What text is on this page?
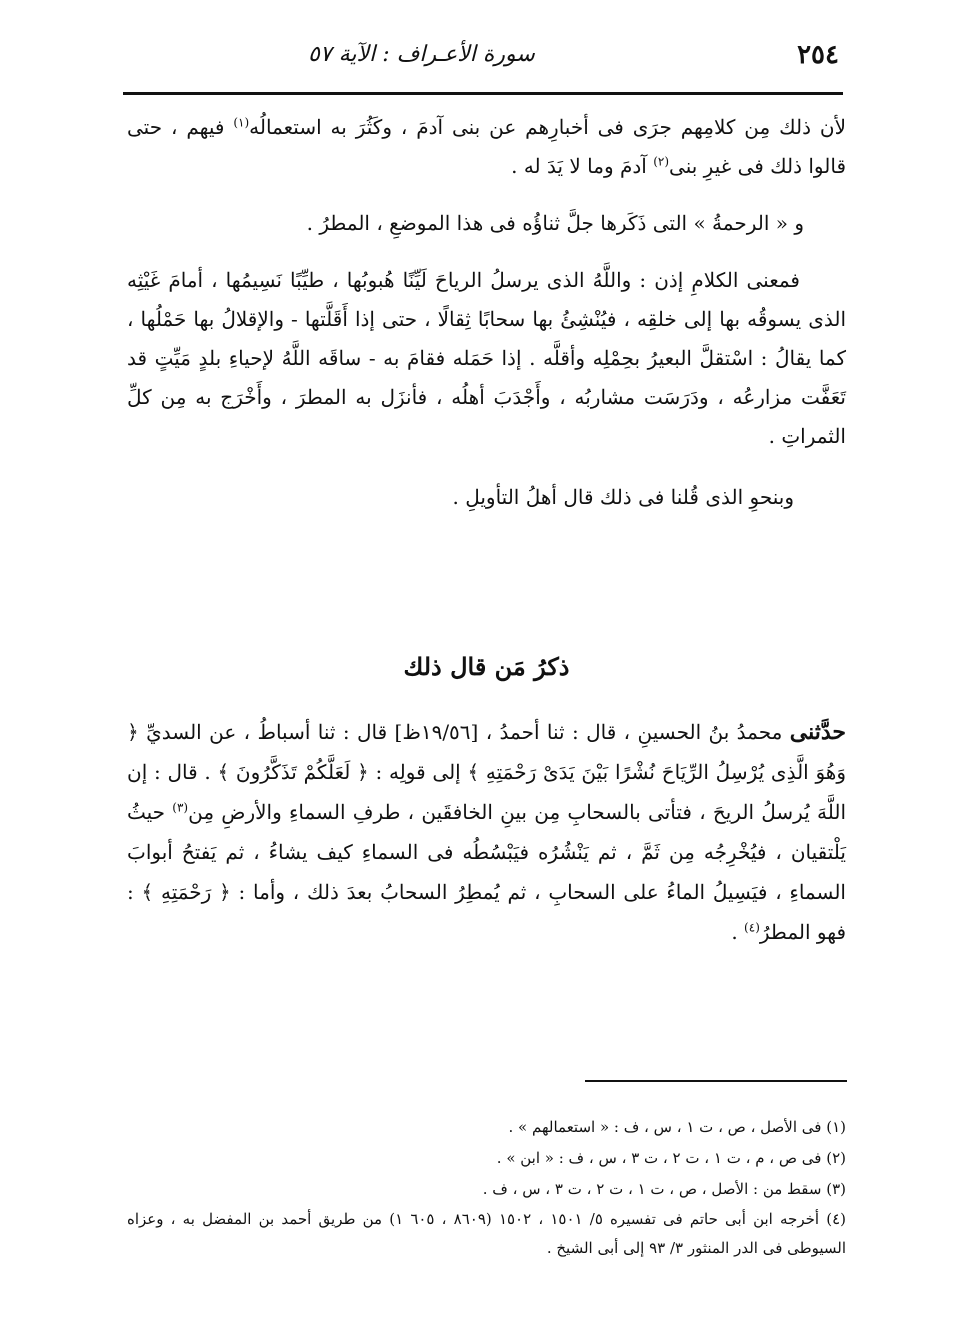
٢٥٤
سورة الأعـراف : الآية ٥٧

لأن ذلك مِن كلامِهم جرَى فى أخبارِهم عن بنى آدمَ ، وكَثُرَ به استعمالُه$^{(١)}$ فيهم ، حتى قالوا ذلك فى غيرِ بنى$^{(٢)}$ آدمَ وما لا يَدَ له .

و « الرحمةُ » التى ذَكَرها جلَّ ثناؤُه فى هذا الموضعِ ، المطرُ .

فمعنى الكلامِ إذن : واللَّهُ الذى يرسلُ الرياحَ لَيِّنًا هُبوبُها ، طيِّبًا نَسِيمُها ، أمامَ غَيْثِه الذى يسوقُه بها إلى خلقِه ، فيُنْشِئُ بها سحابًا ثِقالًا ، حتى إذا أَقَلَّتها - والإقلالُ بها حَمْلُها ، كما يقالُ : اسْتقلَّ البعيرُ بحِمْلِه وأقلَّه . إذا حَمَله فقامَ به - ساقَه اللَّهُ لإحياءِ بلدٍ مَيِّتٍ قد تَعَفَّت مزارعُه ، ودَرَسَت مشاربُه ، وأَجْدَبَ أهلُه ، فأنزَل به المطرَ ، وأَخْرَج به مِن كلِّ الثمراتِ .

وبنحوِ الذى قُلنا فى ذلك قال أهلُ التأويلِ .

ذكرُ مَن قال ذلك

حدَّثنى محمدُ بنُ الحسينِ ، قال : ثنا أحمدُ ، [١٩/٥٦ظ] قال : ثنا أسباطُ ، عن السديِّ ﴿ وَهُوَ الَّذِى يُرْسِلُ الرِّيَاحَ نُشْرًا بَيْنَ يَدَىْ رَحْمَتِهِ ﴾ إلى قولِه : ﴿ لَعَلَّكُمْ تَذَكَّرُونَ ﴾ . قال : إن اللَّهَ يُرسلُ الريحَ ، فتأتى بالسحابِ مِن بينِ الخافقَين ، طرفِ السماءِ والأرضِ مِن$^{(٣)}$ حيثُ يَلْتقيان ، فيُخْرِجُه مِن ثَمَّ ، ثم يَنْشُرُه فيَبْسُطُه فى السماءِ كيف يشاءُ ، ثم يَفتحُ أبوابَ السماءِ ، فيَسِيلُ الماءُ على السحابِ ، ثم يُمطِرُ السحابُ بعدَ ذلك ، وأما : ﴿ رَحْمَتِهِ ﴾ : فهو المطرُ$^{(٤)}$ .

(١) فى الأصل ، ص ، ت ١ ، س ، ف : « استعمالهم » .

(٢) فى ص ، م ، ت ١ ، ت ٢ ، ت ٣ ، س ، ف : « ابن » .

(٣) سقط من : الأصل ، ص ، ت ١ ، ت ٢ ، ت ٣ ، س ، ف .

(٤) أخرجه ابن أبى حاتم فى تفسيره ٥/ ١٥٠١ ، ١٥٠٢ (٨٦٠٩ ، ٦٠٥ ١) من طريق أحمد بن المفضل به ، وعزاه السيوطى فى الدر المنثور ٣/ ٩٣ إلى أبى الشيخ .
